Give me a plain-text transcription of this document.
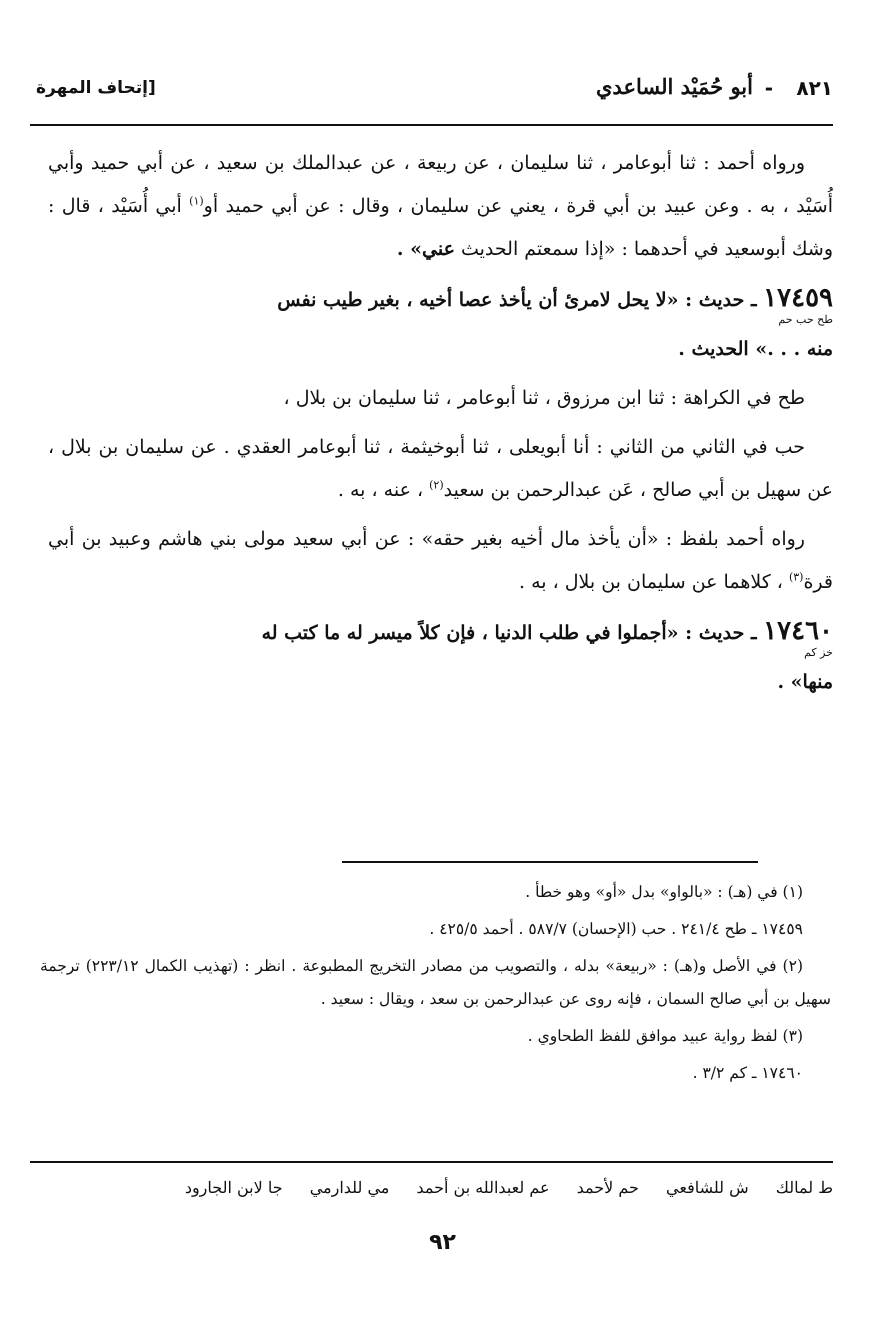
٨٢١
-
أبو حُمَيْد الساعدي
[إتحاف المهرة

ورواه أحمد : ثنا أبوعامر ، ثنا سليمان ، عن ربيعة ، عن عبدالملك بن سعيد ، عن أبي حميد وأبي أُسَيْد ، به . وعن عبيد بن أبي قرة ، يعني عن سليمان ، وقال : عن أبي حميد أو$^{(١)}$ أبي أُسَيْد ، قال : وشك أبوسعيد في أحدهما : «إذا سمعتم الحديث عني» .

١٧٤٥٩ ـ حديث : «لا يحل لامرئ أن يأخذ عصا أخيه ، بغير طيب نفس
طح حب حم
منه . . .» الحديث .

طح في الكراهة : ثنا ابن مرزوق ، ثنا أبوعامر ، ثنا سليمان بن بلال ،

حب في الثاني من الثاني : أنا أبويعلى ، ثنا أبوخيثمة ، ثنا أبوعامر العقدي . عن سليمان بن بلال ، عن سهيل بن أبي صالح ، عَن عبدالرحمن بن سعيد$^{(٢)}$ ، عنه ، به .

رواه أحمد بلفظ : «أن يأخذ مال أخيه بغير حقه» : عن أبي سعيد مولى بني هاشم وعبيد بن أبي قرة$^{(٣)}$ ، كلاهما عن سليمان بن بلال ، به .

١٧٤٦٠ ـ حديث : «أجملوا في طلب الدنيا ، فإن كلاً ميسر له ما كتب له
خز كم
منها» .

(١) في (هـ) : «بالواو» بدل «أو» وهو خطأ .

١٧٤٥٩ ـ طح ٢٤١/٤ . حب (الإحسان) ٥٨٧/٧ . أحمد ٤٢٥/٥ .

(٢) في الأصل و(هـ) : «ربيعة» بدله ، والتصويب من مصادر التخريج المطبوعة . انظر : (تهذيب الكمال ٢٢٣/١٢) ترجمة سهيل بن أبي صالح السمان ، فإنه روى عن عبدالرحمن بن سعد ، ويقال : سعيد .

(٣) لفظ رواية عبيد موافق للفظ الطحاوي .

١٧٤٦٠ ـ كم ٣/٢ .

ط لمالك ش للشافعي حم لأحمد عم لعبدالله بن أحمد مي للدارمي جا لابن الجارود
٩٢
